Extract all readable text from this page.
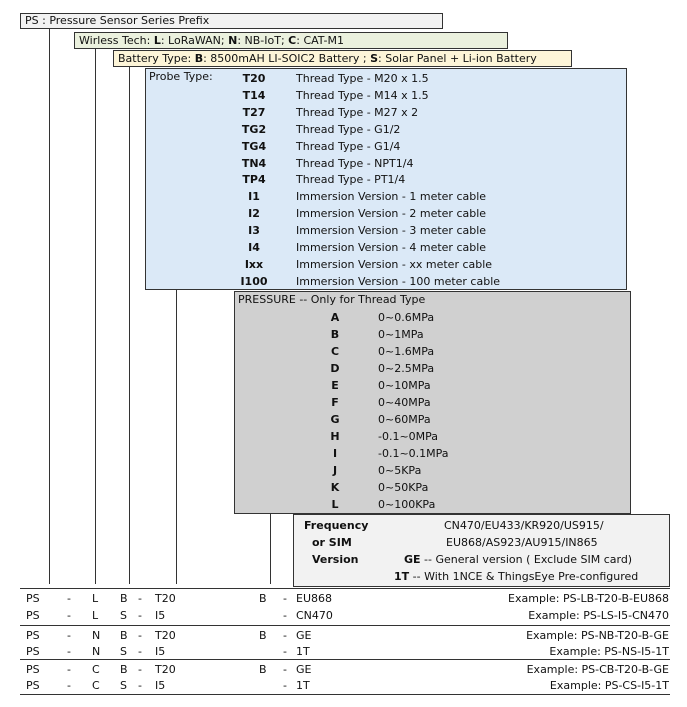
PS : Pressure Sensor Series Prefix
Wirless Tech: L: LoRaWAN; N: NB-IoT; C: CAT-M1
Battery Type: B: 8500mAH LI-SOIC2 Battery ; S: Solar Panel + Li-ion Battery
Probe Type:	T20	Thread Type - M20 x 1.5
T14	Thread Type - M14 x 1.5
T27	Thread Type - M27 x 2
TG2	Thread Type - G1/2
TG4	Thread Type - G1/4
TN4	Thread Type - NPT1/4
TP4	Thread Type - PT1/4
I1	Immersion Version - 1 meter cable
I2	Immersion Version - 2 meter cable
I3	Immersion Version - 3 meter cable
I4	Immersion Version - 4 meter cable
Ixx	Immersion Version - xx meter cable
I100	Immersion Version - 100 meter cable
PRESSURE -- Only for Thread Type
A	0~0.6MPa
B	0~1MPa
C	0~1.6MPa
D	0~2.5MPa
E	0~10MPa
F	0~40MPa
G	0~60MPa
H	-0.1~0MPa
I	-0.1~0.1MPa
J	0~5KPa
K	0~50KPa
L	0~100KPa
Frequency
or SIM
Version
CN470/EU433/KR920/US915/
EU868/AS923/AU915/IN865
GE -- General version ( Exclude SIM card)
1T -- With 1NCE & ThingsEye Pre-configured
PS - L B - T20	B - EU868	Example: PS-LB-T20-B-EU868
PS - L S - I5	- CN470	Example: PS-LS-I5-CN470
PS - N B - T20	B - GE	Example: PS-NB-T20-B-GE
PS - N S - I5	- 1T	Example: PS-NS-I5-1T
PS - C B - T20	B - GE	Example: PS-CB-T20-B-GE
PS - C S - I5	- 1T	Example: PS-CS-I5-1T
